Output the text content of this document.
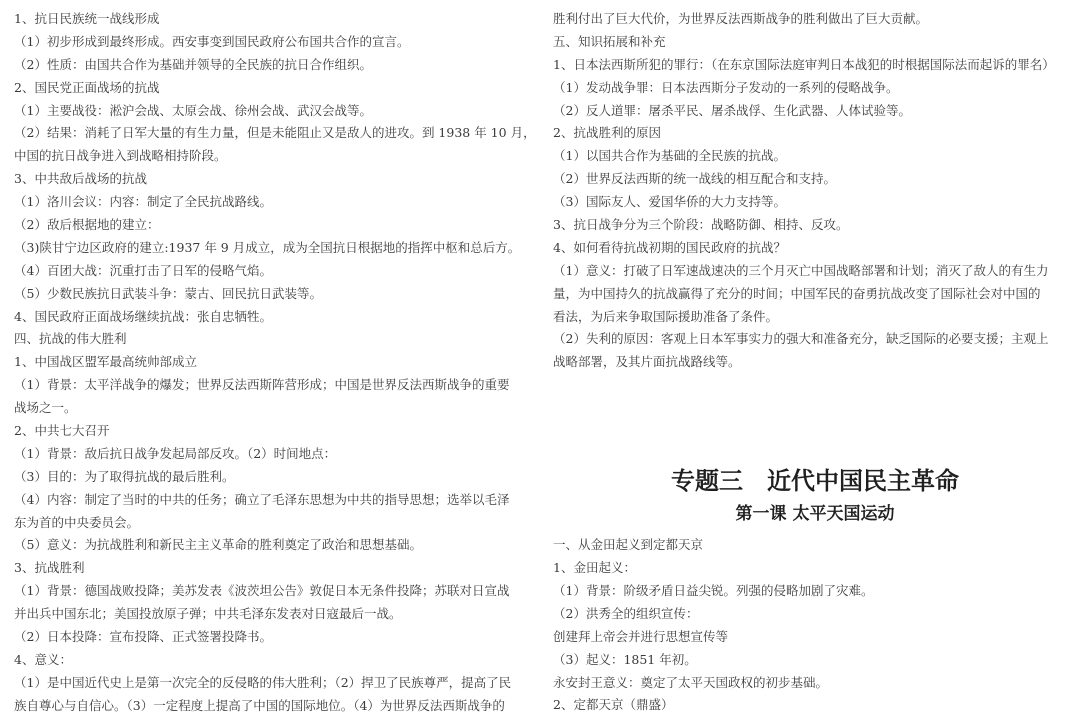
1、抗日民族统一战线形成
（1）初步形成到最终形成。西安事变到国民政府公布国共合作的宣言。
（2）性质：由国共合作为基础并领导的全民族的抗日合作组织。
2、国民党正面战场的抗战
（1）主要战役：淞沪会战、太原会战、徐州会战、武汉会战等。
（2）结果：消耗了日军大量的有生力量，但是未能阻止又是敌人的进攻。到 1938 年 10 月，
中国的抗日战争进入到战略相持阶段。
3、中共敌后战场的抗战
（1）洛川会议：内容：制定了全民抗战路线。
（2）敌后根据地的建立：
（3)陕甘宁边区政府的建立:1937 年 9 月成立，成为全国抗日根据地的指挥中枢和总后方。
（4）百团大战：沉重打击了日军的侵略气焰。
（5）少数民族抗日武装斗争：蒙古、回民抗日武装等。
4、国民政府正面战场继续抗战：张自忠牺牲。
四、抗战的伟大胜利
1、中国战区盟军最高统帅部成立
（1）背景：太平洋战争的爆发；世界反法西斯阵营形成；中国是世界反法西斯战争的重要
战场之一。
2、中共七大召开
（1）背景：敌后抗日战争发起局部反攻。（2）时间地点：
（3）目的：为了取得抗战的最后胜利。
（4）内容：制定了当时的中共的任务；确立了毛泽东思想为中共的指导思想；选举以毛泽
东为首的中央委员会。
（5）意义：为抗战胜利和新民主主义革命的胜利奠定了政治和思想基础。
3、抗战胜利
（1）背景：德国战败投降；美苏发表《波茨坦公告》敦促日本无条件投降；苏联对日宣战
并出兵中国东北；美国投放原子弹；中共毛泽东发表对日寇最后一战。
（2）日本投降：宣布投降、正式签署投降书。
4、意义：
（1）是中国近代史上是第一次完全的反侵略的伟大胜利；（2）捍卫了民族尊严，提高了民
族自尊心与自信心。（3）一定程度上提高了中国的国际地位。（4）为世界反法西斯战争的
胜利付出了巨大代价，为世界反法西斯战争的胜利做出了巨大贡献。
五、知识拓展和补充
1、日本法西斯所犯的罪行：（在东京国际法庭审判日本战犯的时根据国际法而起诉的罪名）
（1）发动战争罪：日本法西斯分子发动的一系列的侵略战争。
（2）反人道罪：屠杀平民、屠杀战俘、生化武器、人体试验等。
2、抗战胜利的原因
（1）以国共合作为基础的全民族的抗战。
（2）世界反法西斯的统一战线的相互配合和支持。
（3）国际友人、爱国华侨的大力支持等。
3、抗日战争分为三个阶段：战略防御、相持、反攻。
4、如何看待抗战初期的国民政府的抗战？
（1）意义：打破了日军速战速决的三个月灭亡中国战略部署和计划；消灭了敌人的有生力
量，为中国持久的抗战赢得了充分的时间；中国军民的奋勇抗战改变了国际社会对中国的
看法，为后来争取国际援助准备了条件。
（2）失利的原因：客观上日本军事实力的强大和准备充分，缺乏国际的必要支援；主观上
战略部署，及其片面抗战路线等。
专题三　近代中国民主革命
第一课 太平天国运动
一、从金田起义到定都天京
1、金田起义：
（1）背景：阶级矛盾日益尖锐。列强的侵略加剧了灾难。
（2）洪秀全的组织宣传：
创建拜上帝会并进行思想宣传等
（3）起义：1851 年初。
永安封王意义：奠定了太平天国政权的初步基础。
2、定都天京（鼎盛）
